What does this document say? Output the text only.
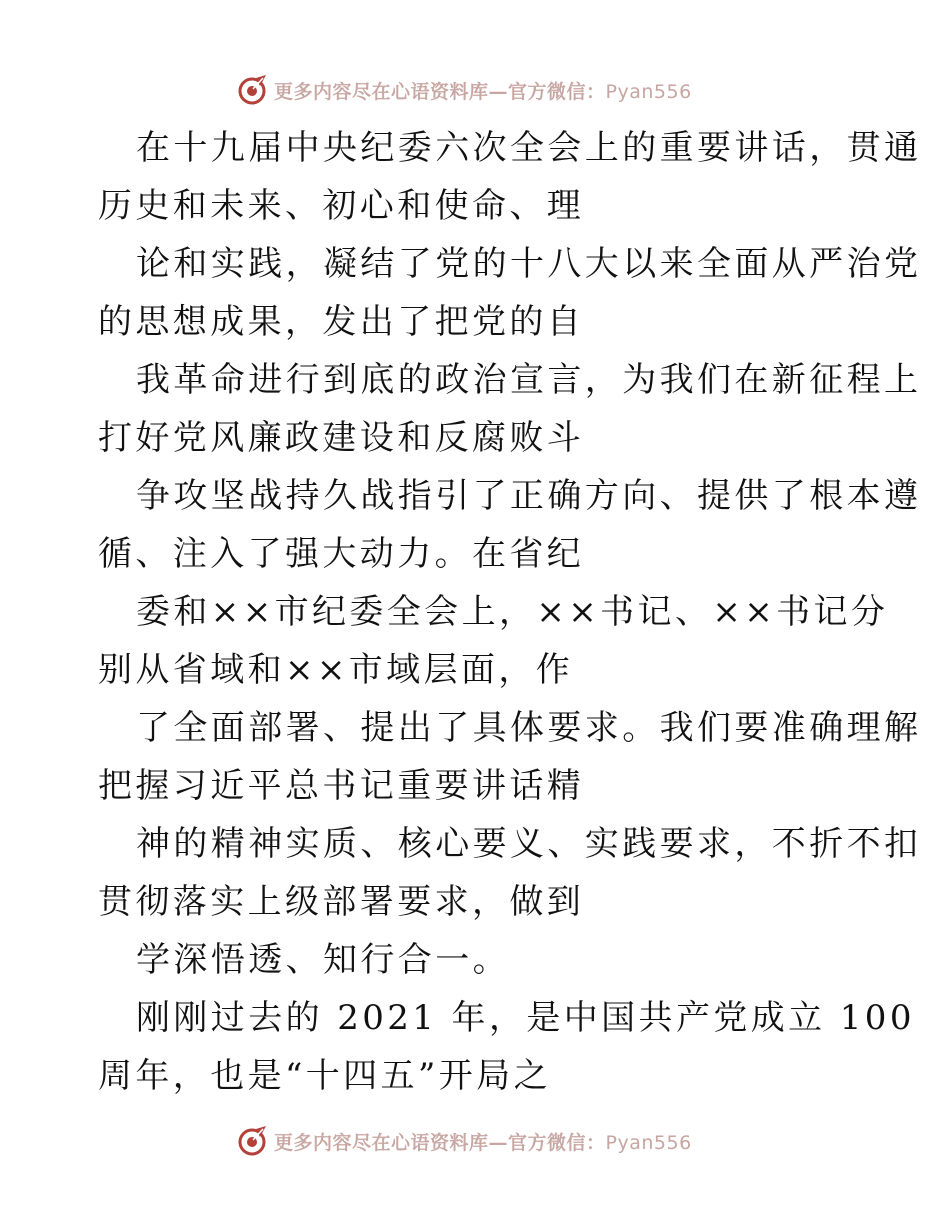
更多内容尽在心语资料库—官方微信：Pyan556
在十九届中央纪委六次全会上的重要讲话，贯通
历史和未来、初心和使命、理
论和实践，凝结了党的十八大以来全面从严治党
的思想成果，发出了把党的自
我革命进行到底的政治宣言，为我们在新征程上
打好党风廉政建设和反腐败斗
争攻坚战持久战指引了正确方向、提供了根本遵
循、注入了强大动力。在省纪
委和××市纪委全会上，××书记、××书记分
别从省域和××市域层面，作
了全面部署、提出了具体要求。我们要准确理解
把握习近平总书记重要讲话精
神的精神实质、核心要义、实践要求，不折不扣
贯彻落实上级部署要求，做到
学深悟透、知行合一。
刚刚过去的 2021 年，是中国共产党成立 100
周年，也是“十四五”开局之
更多内容尽在心语资料库—官方微信：Pyan556
